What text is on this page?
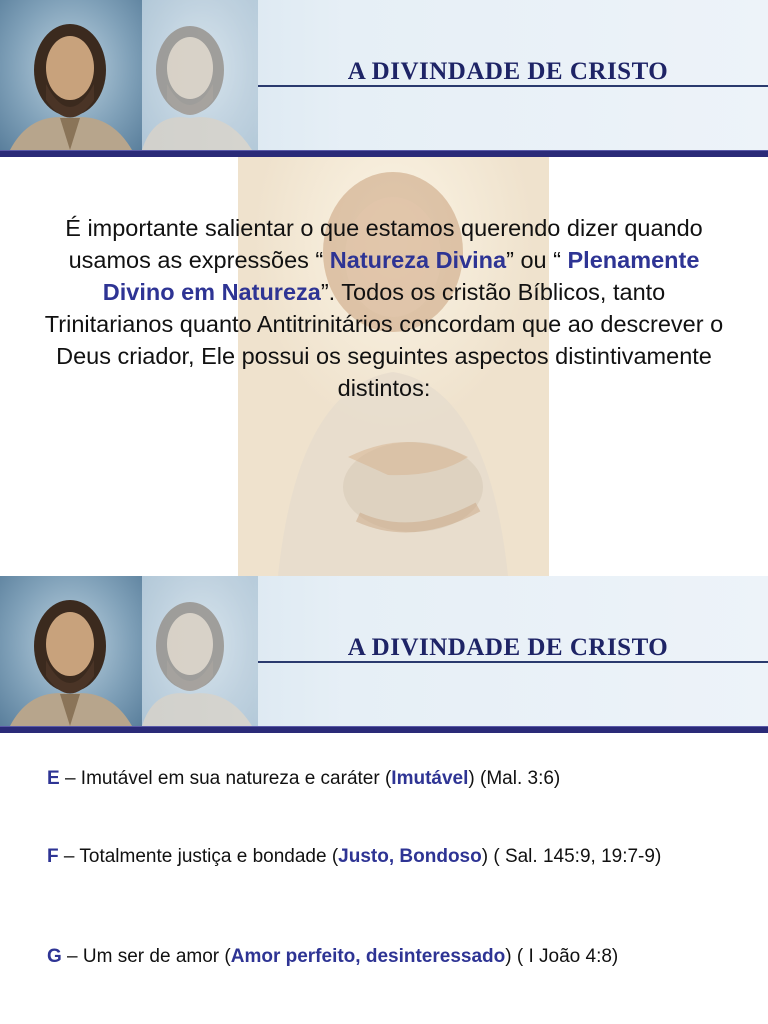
A DIVINDADE DE CRISTO
É importante salientar o que estamos querendo dizer quando usamos as expressões “ Natureza Divina” ou “ Plenamente Divino em Natureza”. Todos os cristão Bíblicos, tanto Trinitarianos quanto Antitrinitários concordam que ao descrever o Deus criador, Ele possui os seguintes aspectos distintivamente distintos:
A DIVINDADE DE CRISTO
E – Imutável em sua natureza e caráter (Imutável) (Mal. 3:6)
F – Totalmente justiça e bondade (Justo, Bondoso) ( Sal. 145:9, 19:7-9)
G – Um ser de amor (Amor perfeito, desinteressado) ( I João 4:8)
